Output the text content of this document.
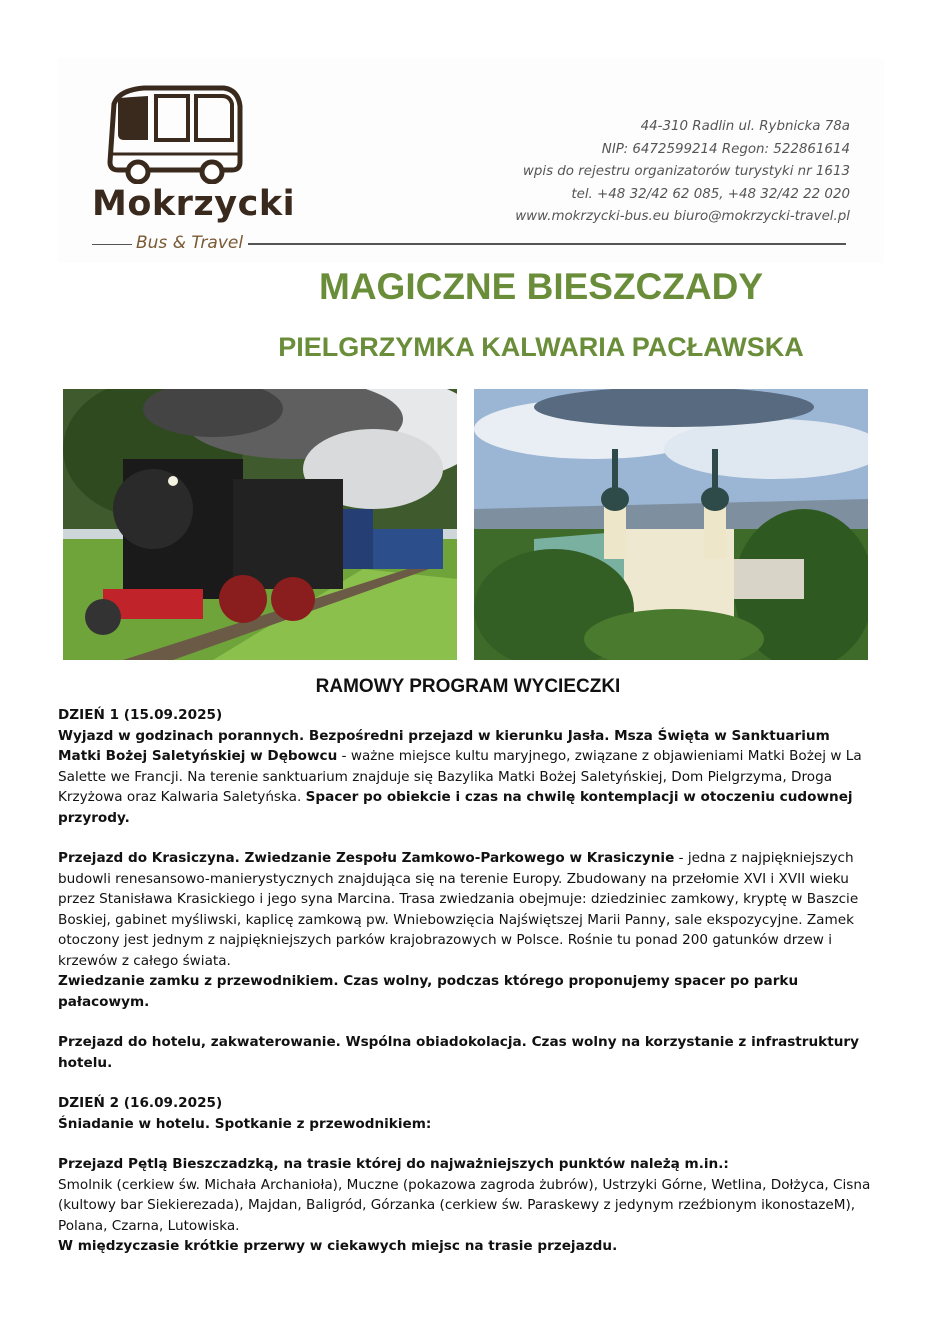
Mokrzycki
Bus & Travel
44-310 Radlin ul. Rybnicka 78a
NIP: 6472599214 Regon: 522861614
wpis do rejestru organizatorów turystyki nr 1613
tel. +48 32/42 62 085, +48 32/42 22 020
www.mokrzycki-bus.eu biuro@mokrzycki-travel.pl
MAGICZNE BIESZCZADY
PIELGRZYMKA KALWARIA PACŁAWSKA
RAMOWY PROGRAM WYCIECZKI

DZIEŃ 1 (15.09.2025)

Wyjazd w godzinach porannych. Bezpośredni przejazd w kierunku Jasła. Msza Święta w Sanktuarium Matki Bożej Saletyńskiej w Dębowcu - ważne miejsce kultu maryjnego, związane z objawieniami Matki Bożej w La Salette we Francji. Na terenie sanktuarium znajduje się Bazylika Matki Bożej Saletyńskiej, Dom Pielgrzyma, Droga Krzyżowa oraz Kalwaria Saletyńska. Spacer po obiekcie i czas na chwilę kontemplacji w otoczeniu cudownej przyrody.

Przejazd do Krasiczyna. Zwiedzanie Zespołu Zamkowo-Parkowego w Krasiczynie - jedna z najpiękniejszych budowli renesansowo-manierystycznych znajdująca się na terenie Europy. Zbudowany na przełomie XVI i XVII wieku przez Stanisława Krasickiego i jego syna Marcina. Trasa zwiedzania obejmuje: dziedziniec zamkowy, kryptę w Baszcie Boskiej, gabinet myśliwski, kaplicę zamkową pw. Wniebowzięcia Najświętszej Marii Panny, sale ekspozycyjne. Zamek otoczony jest jednym z najpiękniejszych parków krajobrazowych w Polsce. Rośnie tu ponad 200 gatunków drzew i krzewów z całego świata.

Zwiedzanie zamku z przewodnikiem. Czas wolny, podczas którego proponujemy spacer po parku pałacowym.

Przejazd do hotelu, zakwaterowanie. Wspólna obiadokolacja. Czas wolny na korzystanie z infrastruktury hotelu.

DZIEŃ 2 (16.09.2025)

Śniadanie w hotelu. Spotkanie z przewodnikiem:

Przejazd Pętlą Bieszczadzką, na trasie której do najważniejszych punktów należą m.in.:

Smolnik (cerkiew św. Michała Archanioła), Muczne (pokazowa zagroda żubrów), Ustrzyki Górne, Wetlina, Dołżyca, Cisna (kultowy bar Siekierezada), Majdan, Baligród, Górzanka (cerkiew św. Paraskewy z jedynym rzeźbionym ikonostazeM), Polana, Czarna, Lutowiska.

W międzyczasie krótkie przerwy w ciekawych miejsc na trasie przejazdu.
